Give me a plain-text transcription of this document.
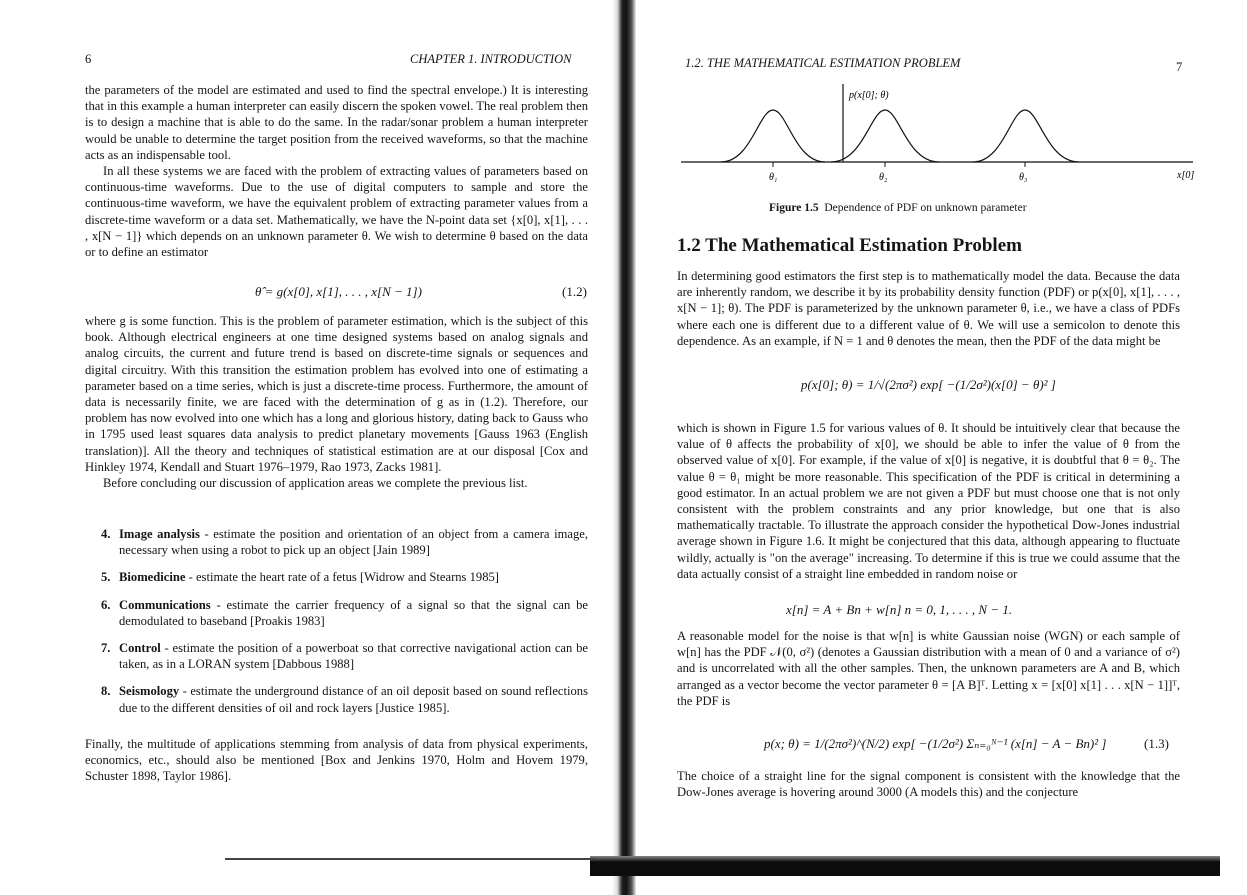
6	CHAPTER 1. INTRODUCTION

the parameters of the model are estimated and used to find the spectral envelope.) It is interesting that in this example a human interpreter can easily discern the spoken vowel. The real problem then is to design a machine that is able to do the same. In the radar/sonar problem a human interpreter would be unable to determine the target position from the received waveforms, so that the machine acts as an indispensable tool.

In all these systems we are faced with the problem of extracting values of parameters based on continuous-time waveforms. Due to the use of digital computers to sample and store the continuous-time waveform, we have the equivalent problem of extracting parameter values from a discrete-time waveform or a data set. Mathematically, we have the N-point data set {x[0], x[1], . . . , x[N − 1]} which depends on an unknown parameter θ. We wish to determine θ based on the data or to define an estimator

θ̂ = g(x[0], x[1], . . . , x[N − 1])	(1.2)

where g is some function. This is the problem of parameter estimation, which is the subject of this book. Although electrical engineers at one time designed systems based on analog signals and analog circuits, the current and future trend is based on discrete-time signals or sequences and digital circuitry. With this transition the estimation problem has evolved into one of estimating a parameter based on a time series, which is just a discrete-time process. Furthermore, the amount of data is necessarily finite, we are faced with the determination of g as in (1.2). Therefore, our problem has now evolved into one which has a long and glorious history, dating back to Gauss who in 1795 used least squares data analysis to predict planetary movements [Gauss 1963 (English translation)]. All the theory and techniques of statistical estimation are at our disposal [Cox and Hinkley 1974, Kendall and Stuart 1976–1979, Rao 1973, Zacks 1981].

Before concluding our discussion of application areas we complete the previous list.

4. Image analysis - estimate the position and orientation of an object from a camera image, necessary when using a robot to pick up an object [Jain 1989]
5. Biomedicine - estimate the heart rate of a fetus [Widrow and Stearns 1985]
6. Communications - estimate the carrier frequency of a signal so that the signal can be demodulated to baseband [Proakis 1983]
7. Control - estimate the position of a powerboat so that corrective navigational action can be taken, as in a LORAN system [Dabbous 1988]
8. Seismology - estimate the underground distance of an oil deposit based on sound reflections due to the different densities of oil and rock layers [Justice 1985].

Finally, the multitude of applications stemming from analysis of data from physical experiments, economics, etc., should also be mentioned [Box and Jenkins 1970, Holm and Hovem 1979, Schuster 1898, Taylor 1986].

1.2. THE MATHEMATICAL ESTIMATION PROBLEM	7
p(x[0]; θ)
θ₁	θ₂	θ₃	x[0]
Figure 1.5 Dependence of PDF on unknown parameter
1.2 The Mathematical Estimation Problem

In determining good estimators the first step is to mathematically model the data. Because the data are inherently random, we describe it by its probability density function (PDF) or p(x[0], x[1], . . . , x[N − 1]; θ). The PDF is parameterized by the unknown parameter θ, i.e., we have a class of PDFs where each one is different due to a different value of θ. We will use a semicolon to denote this dependence. As an example, if N = 1 and θ denotes the mean, then the PDF of the data might be

p(x[0]; θ) = 1/√(2πσ²) exp[ −(1/2σ²)(x[0] − θ)² ]

which is shown in Figure 1.5 for various values of θ. It should be intuitively clear that because the value of θ affects the probability of x[0], we should be able to infer the value of θ from the observed value of x[0]. For example, if the value of x[0] is negative, it is doubtful that θ = θ₂. The value θ = θ₁ might be more reasonable. This specification of the PDF is critical in determining a good estimator. In an actual problem we are not given a PDF but must choose one that is not only consistent with the problem constraints and any prior knowledge, but one that is also mathematically tractable. To illustrate the approach consider the hypothetical Dow-Jones industrial average shown in Figure 1.6. It might be conjectured that this data, although appearing to fluctuate wildly, actually is "on the average" increasing. To determine if this is true we could assume that the data actually consist of a straight line embedded in random noise or

x[n] = A + Bn + w[n] n = 0, 1, . . . , N − 1.

A reasonable model for the noise is that w[n] is white Gaussian noise (WGN) or each sample of w[n] has the PDF 𝒩(0, σ²) (denotes a Gaussian distribution with a mean of 0 and a variance of σ²) and is uncorrelated with all the other samples. Then, the unknown parameters are A and B, which arranged as a vector become the vector parameter θ = [A B]ᵀ. Letting x = [x[0] x[1] . . . x[N − 1]]ᵀ, the PDF is

p(x; θ) = 1/(2πσ²)^(N/2) exp[ −(1/2σ²) Σₙ₌₀ᴺ⁻¹ (x[n] − A − Bn)² ]	(1.3)

The choice of a straight line for the signal component is consistent with the knowledge that the Dow-Jones average is hovering around 3000 (A models this) and the conjecture
